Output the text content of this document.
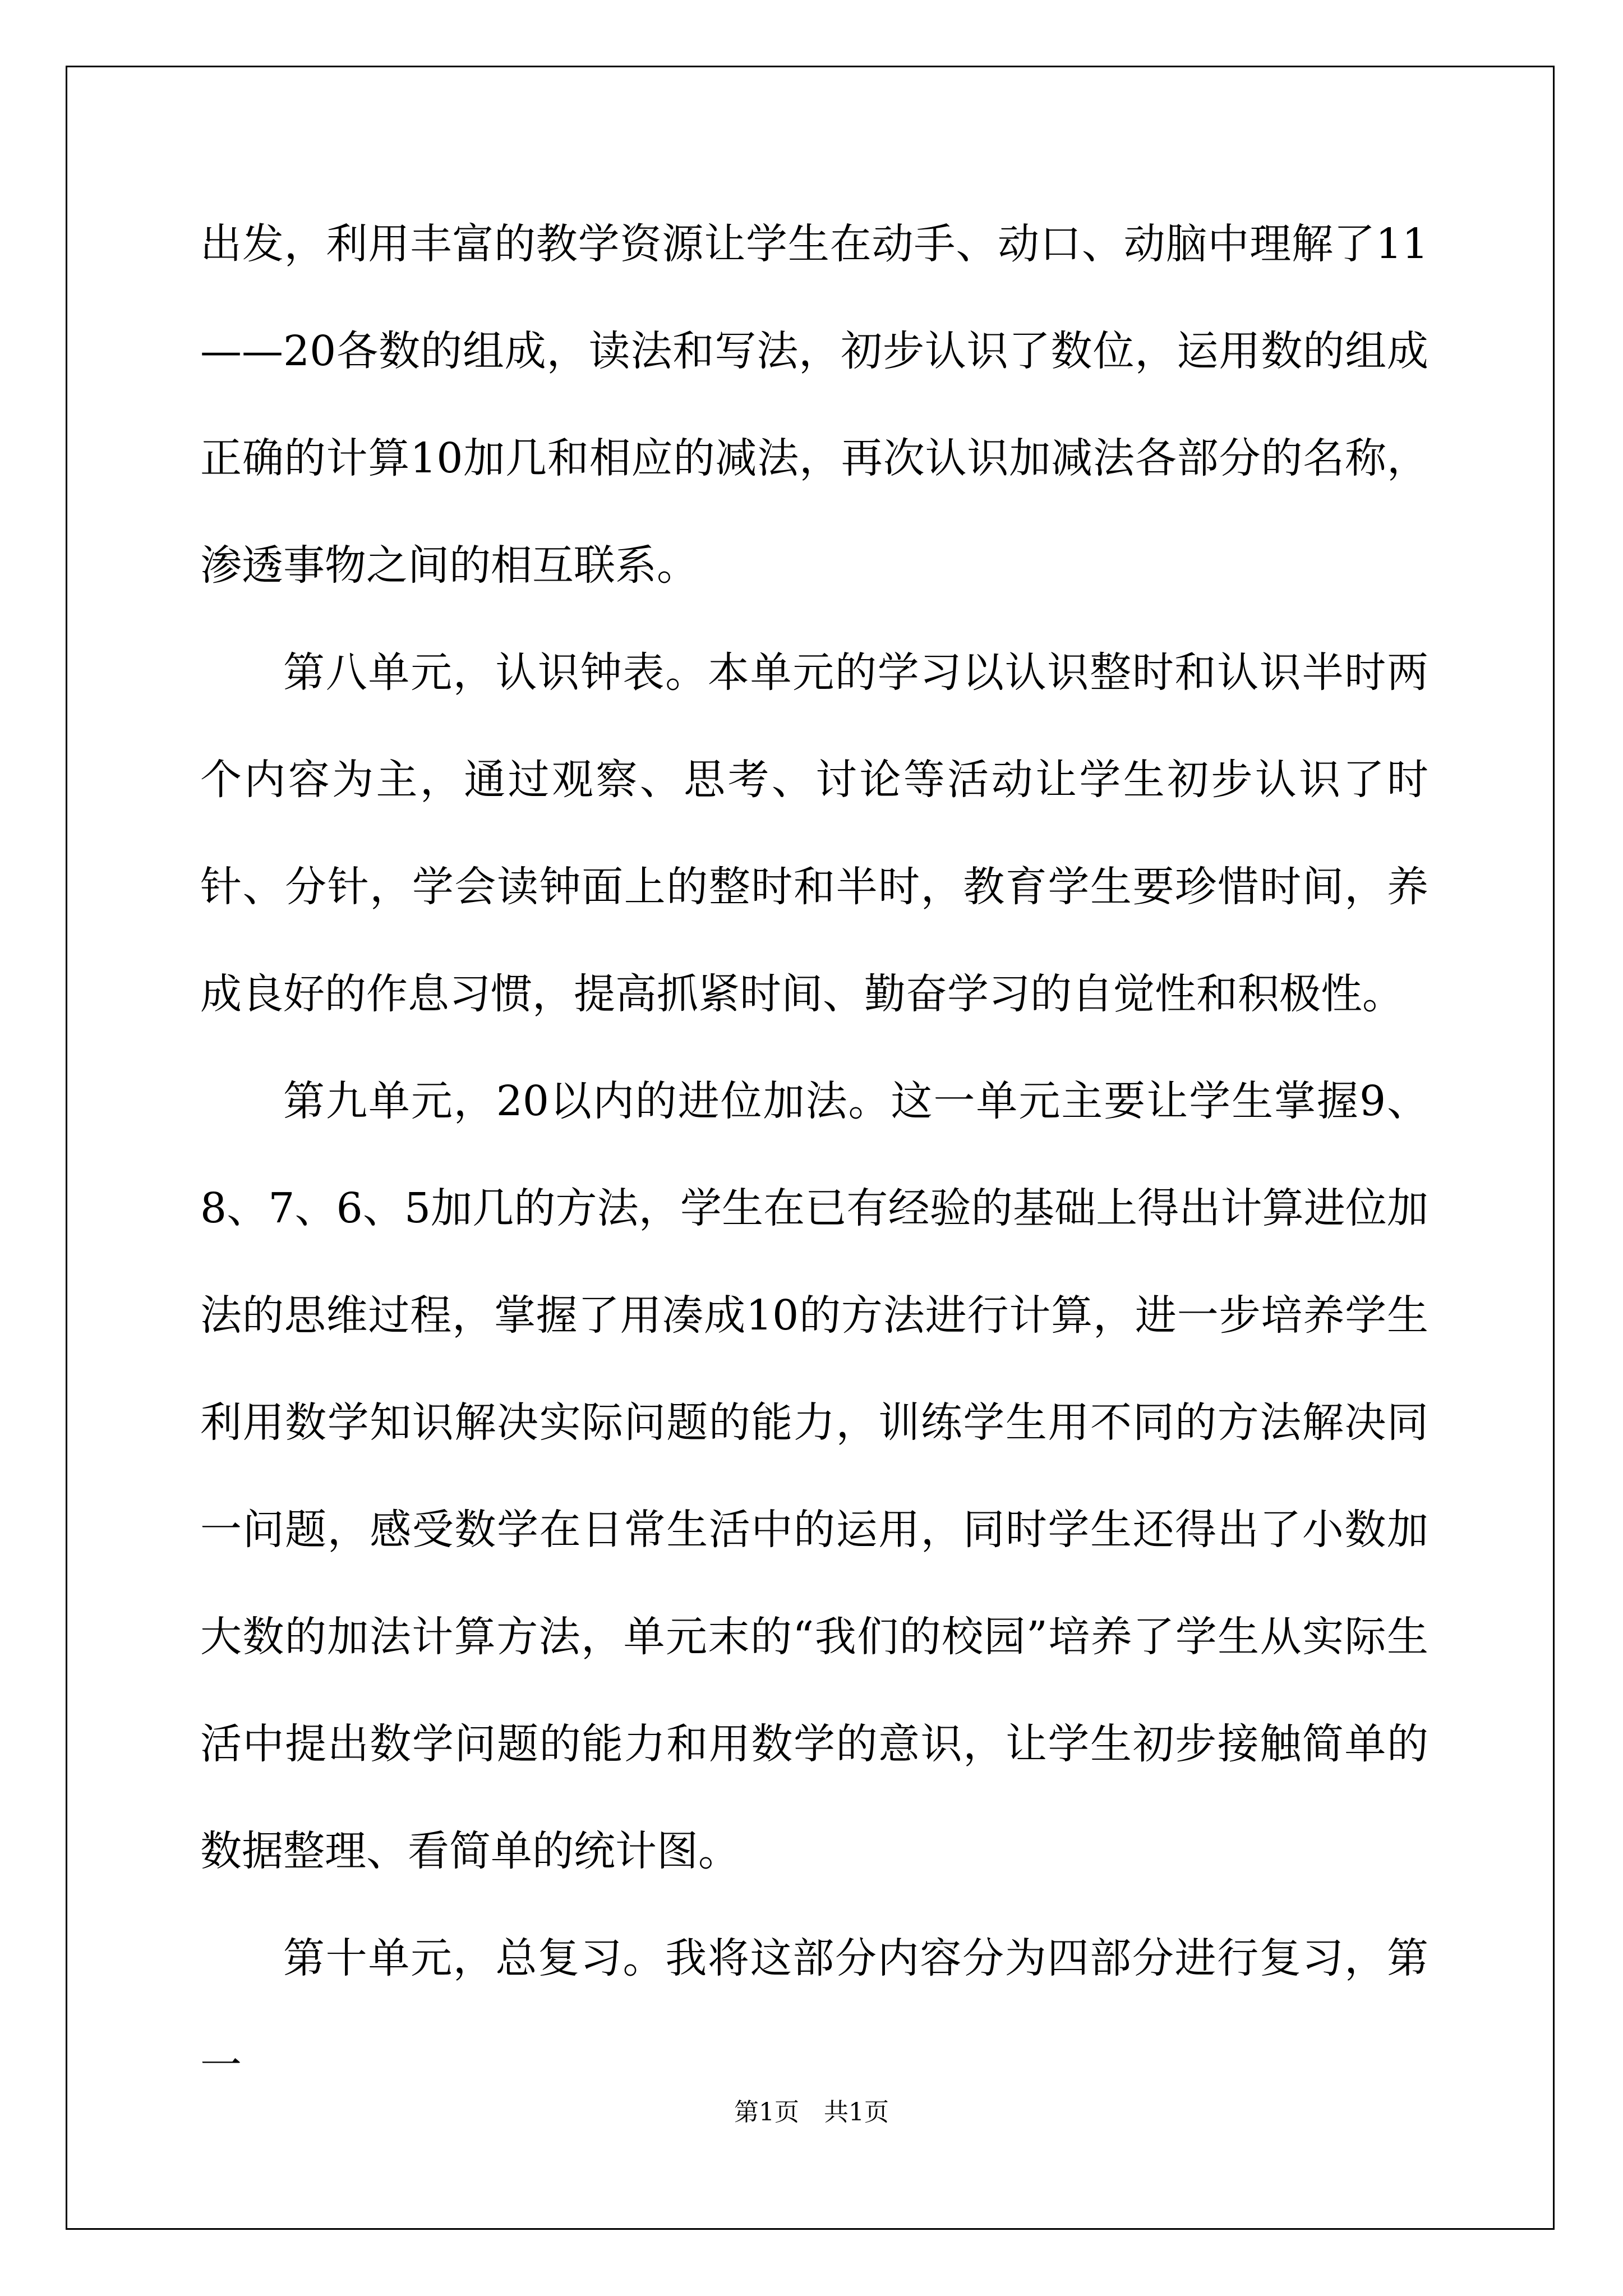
出发，利用丰富的教学资源让学生在动手、动口、动脑中理解了11——20各数的组成，读法和写法，初步认识了数位，运用数的组成正确的计算10加几和相应的减法，再次认识加减法各部分的名称，渗透事物之间的相互联系。

第八单元，认识钟表。本单元的学习以认识整时和认识半时两个内容为主，通过观察、思考、讨论等活动让学生初步认识了时针、分针，学会读钟面上的整时和半时，教育学生要珍惜时间，养成良好的作息习惯，提高抓紧时间、勤奋学习的自觉性和积极性。

第九单元，20以内的进位加法。这一单元主要让学生掌握9、8、7、6、5加几的方法，学生在已有经验的基础上得出计算进位加法的思维过程，掌握了用凑成10的方法进行计算，进一步培养学生利用数学知识解决实际问题的能力，训练学生用不同的方法解决同一问题，感受数学在日常生活中的运用，同时学生还得出了小数加大数的加法计算方法，单元末的“我们的校园”培养了学生从实际生活中提出数学问题的能力和用数学的意识，让学生初步接触简单的数据整理、看简单的统计图。

第十单元，总复习。我将这部分内容分为四部分进行复习，第一

第1页　共1页
